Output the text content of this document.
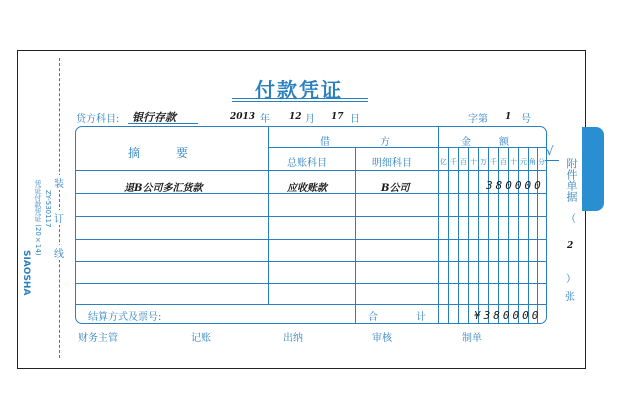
SIAOSHA
凭证付款凭证 (20×14) ZY-530117
装
订
线
付款凭证
贷方科目: 银行存款	2013 年 12 月 17 日	字第 1 号
摘　　　要
借	方	金	额
总账科目	明细科目	亿 千 百 十 万 千 百 十 元 角 分
退B公司多汇货款	应收账款	B公司	380000
结算方式及票号:	合	计	¥380000
√
附件单据
（
2
）
张
财务主管	记账	出纳	审核	制单
